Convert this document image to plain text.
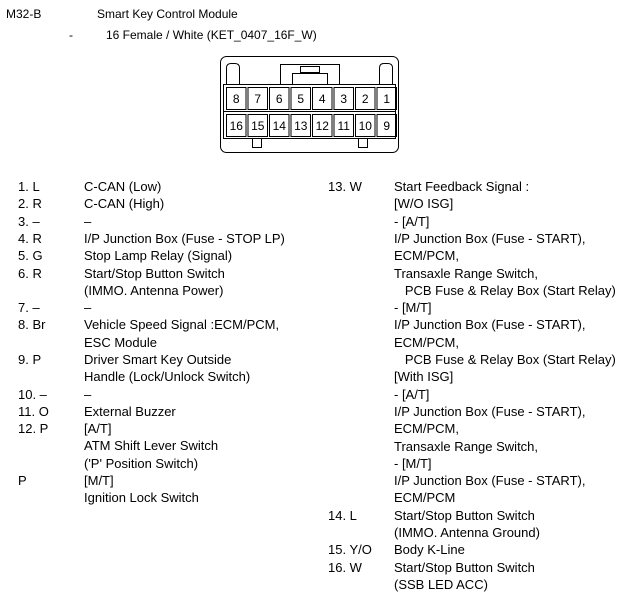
M32-B	Smart Key Control Module
-	16 Female / White (KET_0407_16F_W)
8 7 6 5 4 3 2 1
16 15 14 13 12 11 10 9
1. L	C-CAN (Low)
2. R	C-CAN (High)
3. –	–
4. R	I/P Junction Box (Fuse - STOP LP)
5. G	Stop Lamp Relay (Signal)
6. R	Start/Stop Button Switch
(IMMO. Antenna Power)
7. –	–
8. Br	Vehicle Speed Signal :ECM/PCM,
ESC Module
9. P	Driver Smart Key Outside
Handle (Lock/Unlock Switch)
10. –	–
11. O	External Buzzer
12. P	[A/T]
ATM Shift Lever Switch
('P' Position Switch)
P	[M/T]
Ignition Lock Switch
13. W Start Feedback Signal :
[W/O ISG]
- [A/T]
I/P Junction Box (Fuse - START),
ECM/PCM,
Transaxle Range Switch,
PCB Fuse & Relay Box (Start Relay)
- [M/T]
I/P Junction Box (Fuse - START),
ECM/PCM,
PCB Fuse & Relay Box (Start Relay)
[With ISG]
- [A/T]
I/P Junction Box (Fuse - START),
ECM/PCM,
Transaxle Range Switch,
- [M/T]
I/P Junction Box (Fuse - START),
ECM/PCM
14. L	Start/Stop Button Switch
(IMMO. Antenna Ground)
15. Y/O Body K-Line
16. W Start/Stop Button Switch
(SSB LED ACC)
